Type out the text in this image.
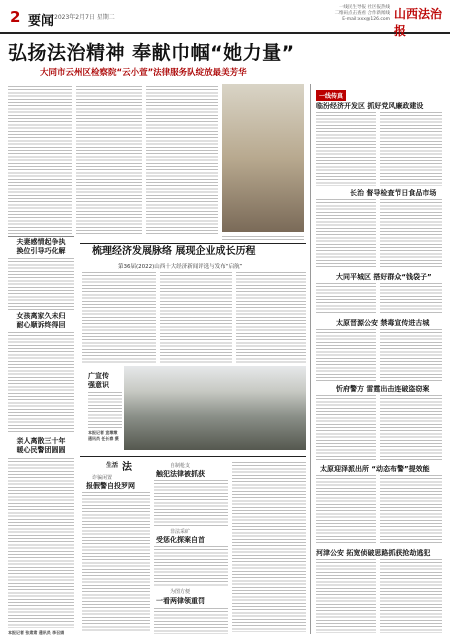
2 要闻 2023年2月7日 星期二
一线民生导报 社区报热线
二维码点击查看 合作新闻线
E-mail:xxx@126.com 山西法治报
弘扬法治精神 奉献巾帼“她力量”
大同市云州区检察院“云小萱”法律服务队绽放最美芳华
夫妻感情起争执
换位引导巧化解
女孩离家久未归
耐心顺诉终得回
亲人离散三十年
暖心民警团圆圆
本报记者 张肃肃 通讯员 李召娟
梳理经济发展脉络 展现企业成长历程
第36届(2022)山西十大经济新闻评选与发布“启航”
广宣传
强意识
本报记者 宣墩墩
通讯员 任长春 摄
生活 法
诈骗闲置
报假警自投罗网
自制枪支
触犯法律被抓获
非法采矿
受惩化探案自首
为图方便
一看两律领重罚
一线传真
临汾经济开发区 抓好党风廉政建设
长治 督导检查节日食品市场
大同平城区 搭好群众“钱袋子”
太原晋源公安 禁毒宣传进古城
忻府警方 雷霆出击连破盗窃案
太原迎泽派出所 “动态布警”提效能
河津公安 拓宽侦破思路抓获抢劫逃犯
